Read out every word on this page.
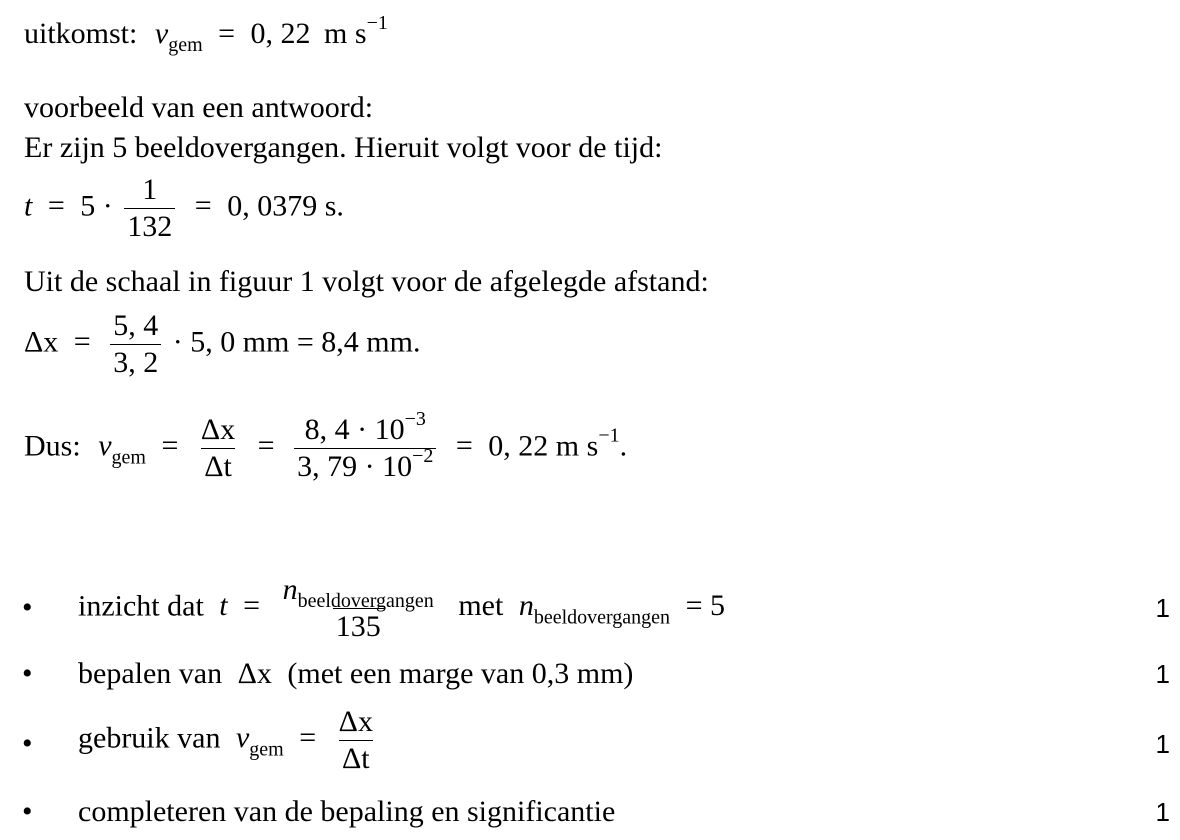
uitkomst: $v_{gem} = 0$, 22 m $s^{-1}$
voorbeeld van een antwoord:
Er zijn 5 beeldovergangen. Hieruit volgt voor de tijd:
$t = 5 \cdot \frac{1}{132} = 0$, 0379 s.
Uit de schaal in figuur 1 volgt voor de afgelegde afstand:
$\Delta x = \frac{5, 4}{3, 2} \cdot 5$, 0 mm = 8,4 mm.
Dus: $v_{gem} = \frac{\Delta x}{\Delta t} = \frac{8, 4 \cdot 10^{-3}}{3, 79 \cdot 10^{-2}} = 0$, 22 m $s^{-1}$.
• inzicht dat $t = \frac{n_{beeldovergangen}}{135}$ met $n_{beeldovergangen} = 5$	1
• bepalen van Δx (met een marge van 0,3 mm)	1
• gebruik van $v_{gem} = \frac{\Delta x}{\Delta t}$	1
• completeren van de bepaling en significantie	1
